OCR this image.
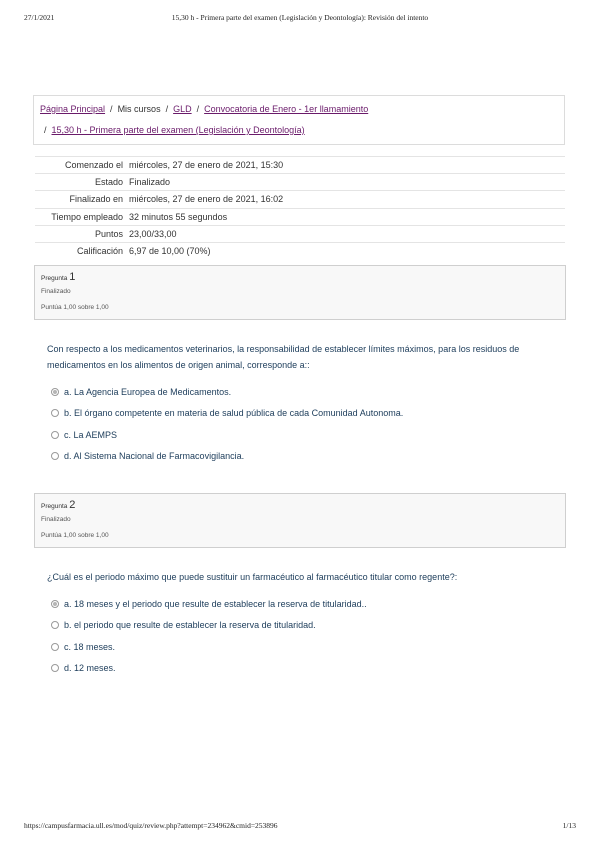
27/1/2021	15,30 h - Primera parte del examen (Legislación y Deontología): Revisión del intento
Página Principal / Mis cursos / GLD / Convocatoria de Enero - 1er llamamiento
/ 15,30 h - Primera parte del examen (Legislación y Deontología)
Comenzado el	miércoles, 27 de enero de 2021, 15:30
Estado	Finalizado
Finalizado en	miércoles, 27 de enero de 2021, 16:02
Tiempo empleado	32 minutos 55 segundos
Puntos	23,00/33,00
Calificación	6,97 de 10,00 (70%)
Pregunta 1
Finalizado
Puntúa 1,00 sobre 1,00
Con respecto a los medicamentos veterinarios, la responsabilidad de establecer límites máximos, para los residuos de medicamentos en los alimentos de origen animal, corresponde a::
a. La Agencia Europea de Medicamentos.
b. El órgano competente en materia de salud pública de cada Comunidad Autonoma.
c. La AEMPS
d. Al Sistema Nacional de Farmacovigilancia.
Pregunta 2
Finalizado
Puntúa 1,00 sobre 1,00
¿Cuál es el periodo máximo que puede sustituir un farmacéutico al farmacéutico titular como regente?:
a. 18 meses y el periodo que resulte de establecer la reserva de titularidad..
b. el periodo que resulte de establecer la reserva de titularidad.
c. 18 meses.
d. 12 meses.
https://campusfarmacia.ull.es/mod/quiz/review.php?attempt=234962&cmid=253896	1/13
